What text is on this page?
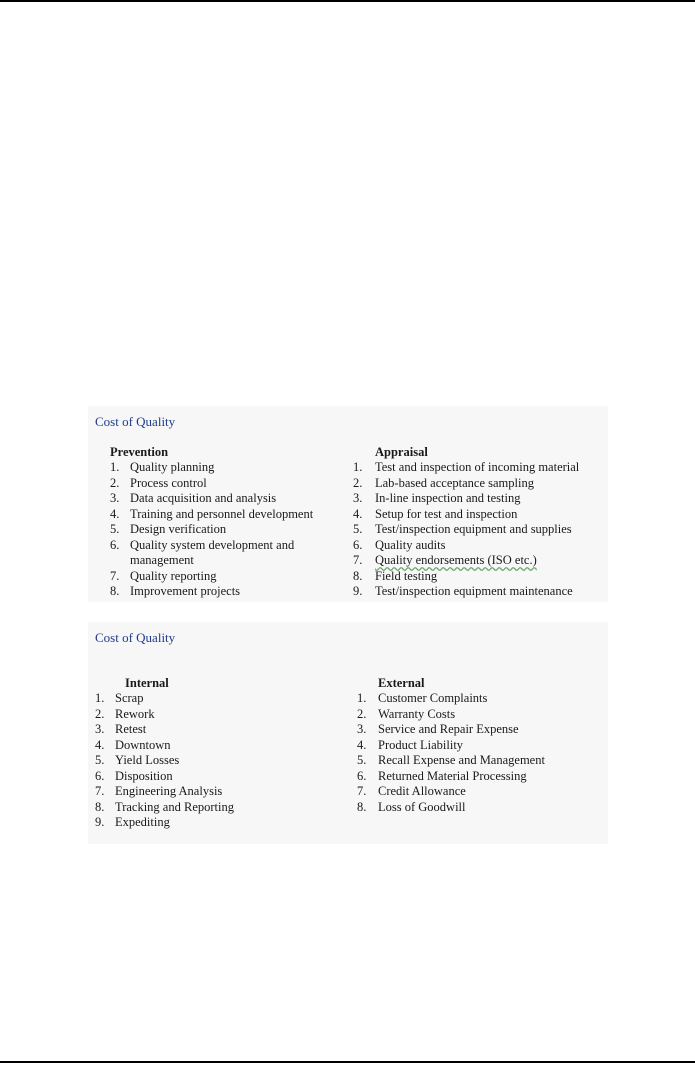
Cost of Quality
Prevention
1. Quality planning
2. Process control
3. Data acquisition and analysis
4. Training and personnel development
5. Design verification
6. Quality system development and
management
7. Quality reporting
8. Improvement projects
Appraisal
1. Test and inspection of incoming material
2. Lab-based acceptance sampling
3. In-line inspection and testing
4. Setup for test and inspection
5. Test/inspection equipment and supplies
6. Quality audits
7. Quality endorsements (ISO etc.)
8. Field testing
9. Test/inspection equipment maintenance
Cost of Quality
Internal
1. Scrap
2. Rework
3. Retest
4. Downtown
5. Yield Losses
6. Disposition
7. Engineering Analysis
8. Tracking and Reporting
9. Expediting
External
1. Customer Complaints
2. Warranty Costs
3. Service and Repair Expense
4. Product Liability
5. Recall Expense and Management
6. Returned Material Processing
7. Credit Allowance
8. Loss of Goodwill
